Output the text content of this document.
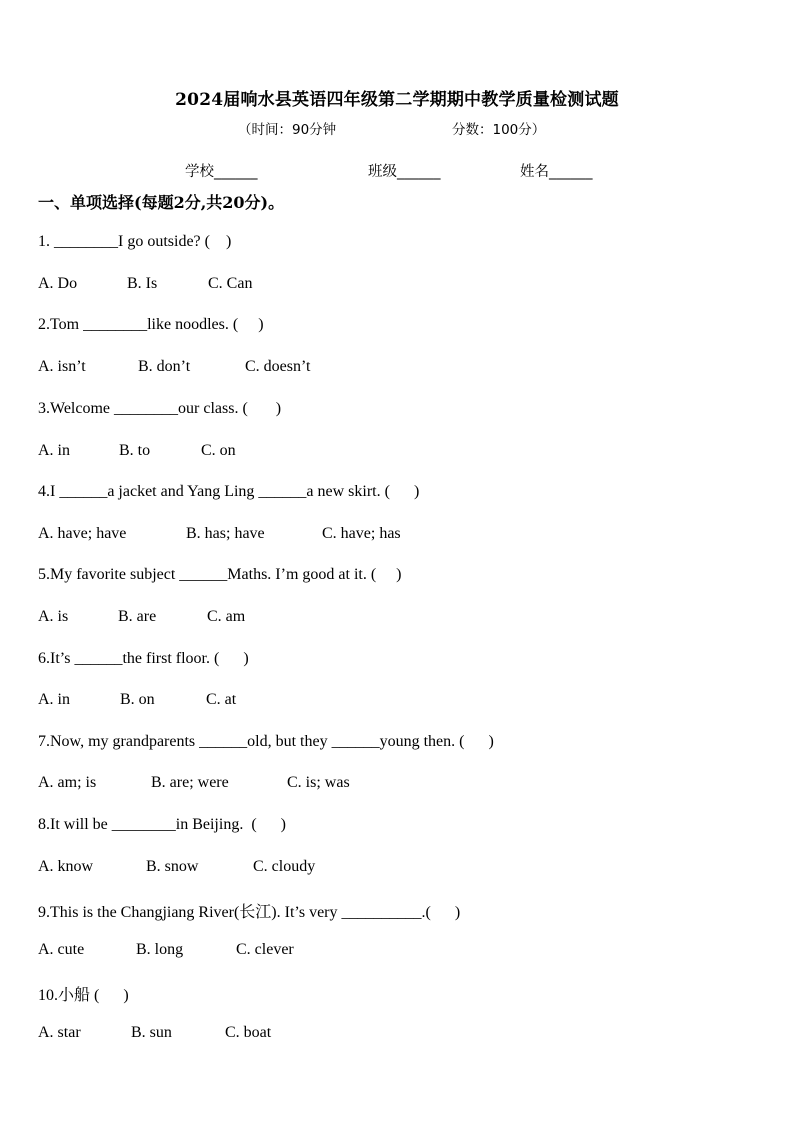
2024届响水县英语四年级第二学期期中教学质量检测试题
（时间：90分钟	分数：100分）
学校______	班级______	姓名______
一、单项选择(每题2分,共20分)。
1. ________I go outside? (    )
A. Do	B. Is	C. Can
2.Tom ________like noodles. (     )
A. isn’t	B. don’t	C. doesn’t
3.Welcome ________our class. (       )
A. in	B. to	C. on
4.I ______a jacket and Yang Ling ______a new skirt. (      )
A. have; have	B. has; have	C. have; has
5.My favorite subject ______Maths. I’m good at it. (     )
A. is	B. are	C. am
6.It’s ______the first floor. (      )
A. in	B. on	C. at
7.Now, my grandparents ______old, but they ______young then. (      )
A. am; is	B. are; were	C. is; was
8.It will be ________in Beijing.  (      )
A. know	B. snow	C. cloudy
9.This is the Changjiang River(长江). It’s very __________.(      )
A. cute	B. long	C. clever
10.小船 (      )
A. star	B. sun	C. boat
